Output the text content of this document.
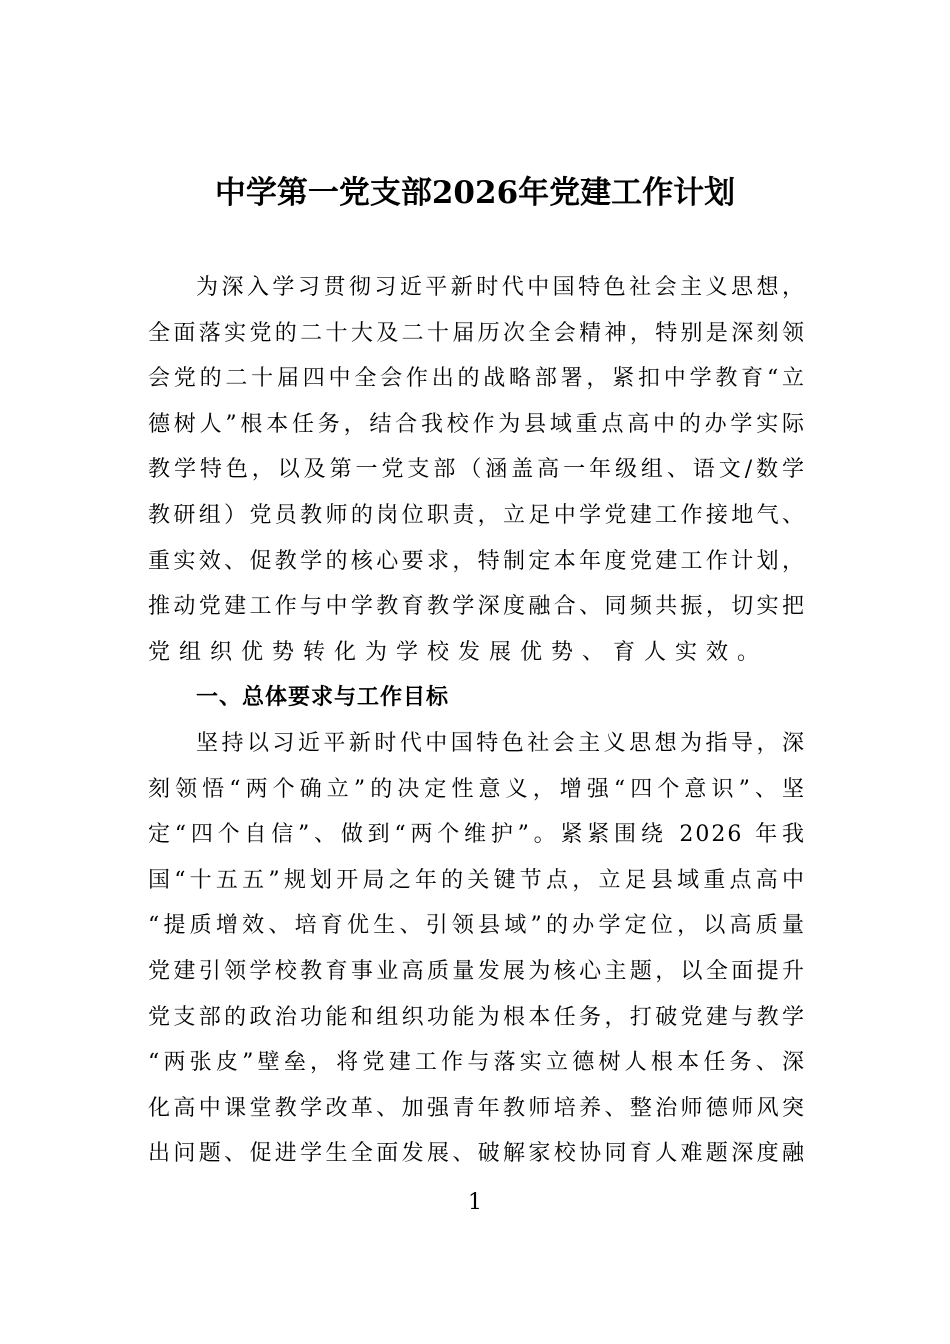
中学第一党支部2026年党建工作计划
为深入学习贯彻习近平新时代中国特色社会主义思想，
全面落实党的二十大及二十届历次全会精神，特别是深刻领
会党的二十届四中全会作出的战略部署，紧扣中学教育“立
德树人”根本任务，结合我校作为县域重点高中的办学实际
教学特色，以及第一党支部（涵盖高一年级组、语文/数学
教研组）党员教师的岗位职责，立足中学党建工作接地气、
重实效、促教学的核心要求，特制定本年度党建工作计划，
推动党建工作与中学教育教学深度融合、同频共振，切实把
党组织优势转化为学校发展优势、育人实效。
一、总体要求与工作目标
坚持以习近平新时代中国特色社会主义思想为指导，深
刻领悟“两个确立”的决定性意义，增强“四个意识”、坚
定“四个自信”、做到“两个维护”。紧紧围绕 2026 年我
国“十五五”规划开局之年的关键节点，立足县域重点高中
“提质增效、培育优生、引领县域”的办学定位，以高质量
党建引领学校教育事业高质量发展为核心主题，以全面提升
党支部的政治功能和组织功能为根本任务，打破党建与教学
“两张皮”壁垒，将党建工作与落实立德树人根本任务、深
化高中课堂教学改革、加强青年教师培养、整治师德师风突
出问题、促进学生全面发展、破解家校协同育人难题深度融
1
